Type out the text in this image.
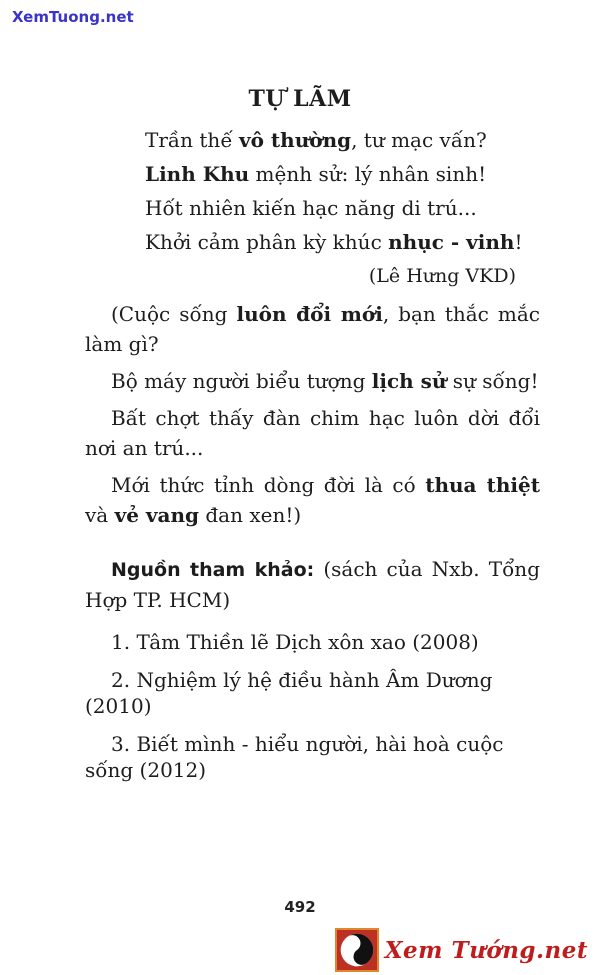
XemTuong.net
TỰ LÃM

Trần thế vô thường, tư mạc vấn?

Linh Khu mệnh sử: lý nhân sinh!

Hốt nhiên kiến hạc năng di trú...

Khởi cảm phân kỳ khúc nhục - vinh!

(Lê Hưng VKD)

(Cuộc sống luôn đổi mới, bạn thắc mắc làm gì?

Bộ máy người biểu tượng lịch sử sự sống!

Bất chợt thấy đàn chim hạc luôn dời đổi nơi an trú...

Mới thức tỉnh dòng đời là có thua thiệt và vẻ vang đan xen!)

Nguồn tham khảo: (sách của Nxb. Tổng Hợp TP. HCM)

1. Tâm Thiền lẽ Dịch xôn xao (2008)

2. Nghiệm lý hệ điều hành Âm Dương (2010)

3. Biết mình - hiểu người, hài hoà cuộc sống (2012)

492
Xem Tướng.net
